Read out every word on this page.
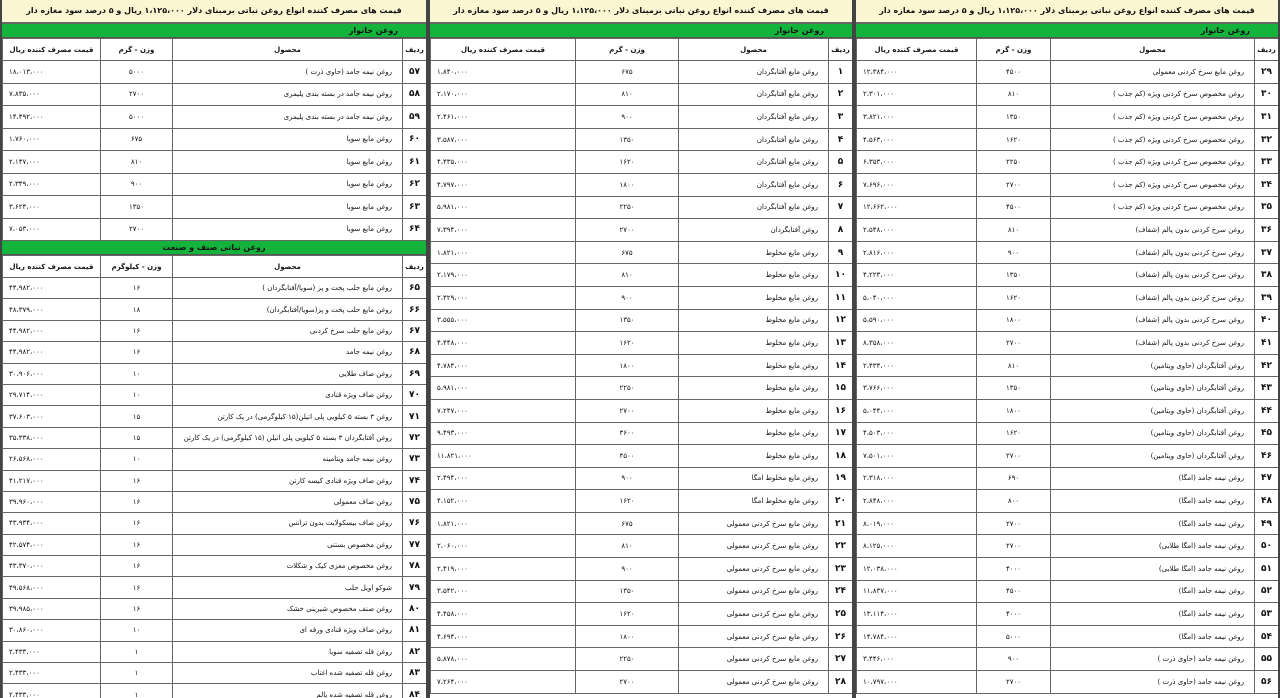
قیمت های مصرف کننده انواع روغن نباتی برمبنای دلار ۱،۱۲۵،۰۰۰ ریال و ۵ درصد سود مغازه دار
روغن خانوار
ردیف	محصول	وزن - گرم	قیمت مصرف کننده ریال
۵۷	روغن نیمه جامد (حاوی ذرت )	۵۰۰۰	۱۸،۰۱۳،۰۰۰
۵۸	روغن نیمه جامد در بسته بندی پلیمری	۲۷۰۰	۷،۸۳۵،۰۰۰
۵۹	روغن نیمه جامد در بسته بندی پلیمری	۵۰۰۰	۱۴،۴۹۲،۰۰۰
۶۰	روغن مایع سویا	۶۷۵	۱،۷۶۰،۰۰۰
۶۱	روغن مایع سویا	۸۱۰	۲،۱۴۷،۰۰۰
۶۲	روغن مایع سویا	۹۰۰	۲،۳۴۹،۰۰۰
۶۳	روغن مایع سویا	۱۳۵۰	۳،۶۲۴،۰۰۰
۶۴	روغن مایع سویا	۲۷۰۰	۷،۰۵۳،۰۰۰
روغن نباتی صنف و صنعت
ردیف	محصول	وزن - کیلوگرم	قیمت مصرف کننده ریال
۶۵	روغن مایع حلب پخت و پز (سویا/آفتابگردان )	۱۶	۴۴،۹۸۲،۰۰۰
۶۶	روغن مایع حلب پخت و پز(سویا/آفتابگردان)	۱۸	۴۸،۳۷۹،۰۰۰
۶۷	روغن مایع حلب سرخ کردنی	۱۶	۴۴،۹۸۲،۰۰۰
۶۸	روغن نیمه جامد	۱۶	۴۴،۹۸۲،۰۰۰
۶۹	روغن صاف طلایی	۱۰	۳۰،۹۰۶،۰۰۰
۷۰	روغن صاف ویژه قنادی	۱۰	۲۹،۷۱۴،۰۰۰
۷۱	روغن ۳ بسته ۵ کیلویی پلی اتیلن(۱۵ کیلوگرمی) در یک کارتن	۱۵	۳۷،۶۰۳،۰۰۰
۷۲	روغن آفتابگردان ۳ بسته ۵ کیلویی پلی اتیلن (۱۵ کیلوگرمی) در یک کارتن	۱۵	۳۵،۳۳۸،۰۰۰
۷۳	روغن نیمه جامد ویتامینه	۱۰	۲۶،۵۶۸،۰۰۰
۷۴	روغن صاف ویژه قنادی کیسه کارتن	۱۶	۴۱،۲۱۷،۰۰۰
۷۵	روغن صاف معمولی	۱۶	۳۹،۹۶۰،۰۰۰
۷۶	روغن صاف بیسکولایت بدون ترانس	۱۶	۴۳،۹۳۴،۰۰۰
۷۷	روغن مخصوص بستنی	۱۶	۴۲،۵۷۴،۰۰۰
۷۸	روغن مخصوص مغزی کیک و شکلات	۱۶	۴۳،۳۷۰،۰۰۰
۷۹	شوکو اویل حلب	۱۶	۴۹،۵۶۸،۰۰۰
۸۰	روغن صنف مخصوص شیرینی خشک	۱۶	۳۹،۹۸۵،۰۰۰
۸۱	روغن صاف ویژه قنادی ورقه ای	۱۰	۳۰،۸۶۰،۰۰۰
۸۲	روغن قله تصفیه سویا	۱	۲،۴۳۳،۰۰۰
۸۳	روغن قله تصفیه شده اغتاب	۱	۲،۴۳۳،۰۰۰
۸۴	روغن قله تصفیه شده پالم	۱	۲،۴۳۳،۰۰۰
قیمت های مصرف کننده انواع روغن نباتی برمبنای دلار ۱،۱۲۵،۰۰۰ ریال و ۵ درصد سود مغازه دار
روغن خانوار
ردیف	محصول	وزن - گرم	قیمت مصرف کننده ریال
۱	روغن مایع آفتابگردان	۶۷۵	۱،۸۴۰،۰۰۰
۲	روغن مایع آفتابگردان	۸۱۰	۲،۱۷۰،۰۰۰
۳	روغن مایع آفتابگردان	۹۰۰	۲،۴۶۱،۰۰۰
۴	روغن مایع آفتابگردان	۱۳۵۰	۳،۵۸۷،۰۰۰
۵	روغن مایع آفتابگردان	۱۶۲۰	۴،۴۳۵،۰۰۰
۶	روغن مایع آفتابگردان	۱۸۰۰	۴،۷۹۷،۰۰۰
۷	روغن مایع آفتابگردان	۲۲۵۰	۵،۹۸۱،۰۰۰
۸	روغن آفتابگردان	۲۷۰۰	۷،۳۹۴،۰۰۰
۹	روغن مایع مخلوط	۶۷۵	۱،۸۲۱،۰۰۰
۱۰	روغن مایع مخلوط	۸۱۰	۲،۱۷۹،۰۰۰
۱۱	روغن مایع مخلوط	۹۰۰	۲،۴۲۹،۰۰۰
۱۲	روغن مایع مخلوط	۱۳۵۰	۳،۵۵۵،۰۰۰
۱۳	روغن مایع مخلوط	۱۶۲۰	۴،۴۴۸،۰۰۰
۱۴	روغن مایع مخلوط	۱۸۰۰	۴،۷۸۴،۰۰۰
۱۵	روغن مایع مخلوط	۲۲۵۰	۵،۹۸۱،۰۰۰
۱۶	روغن مایع مخلوط	۲۷۰۰	۷،۲۴۷،۰۰۰
۱۷	روغن مایع مخلوط	۳۶۰۰	۹،۴۹۳،۰۰۰
۱۸	روغن مایع مخلوط	۴۵۰۰	۱۱،۸۲۱،۰۰۰
۱۹	روغن مایع مخلوط امگا	۹۰۰	۲،۴۹۴،۰۰۰
۲۰	روغن مایع مخلوط امگا	۱۶۲۰	۴،۱۵۲،۰۰۰
۲۱	روغن مایع سرخ کردنی معمولی	۶۷۵	۱،۸۲۱،۰۰۰
۲۲	روغن مایع سرخ کردنی معمولی	۸۱۰	۲،۰۶۰،۰۰۰
۲۳	روغن مایع سرخ کردنی معمولی	۹۰۰	۲،۴۱۹،۰۰۰
۲۴	روغن مایع سرخ کردنی معمولی	۱۳۵۰	۳،۵۴۲،۰۰۰
۲۵	روغن مایع سرخ کردنی معمولی	۱۶۲۰	۴،۴۵۸،۰۰۰
۲۶	روغن مایع سرخ کردنی معمولی	۱۸۰۰	۴،۶۹۴،۰۰۰
۲۷	روغن مایع سرخ کردنی معمولی	۲۲۵۰	۵،۸۷۸،۰۰۰
۲۸	روغن مایع سرخ کردنی معمولی	۲۷۰۰	۷،۲۶۴،۰۰۰
قیمت های مصرف کننده انواع روغن نباتی برمبنای دلار ۱،۱۲۵،۰۰۰ ریال و ۵ درصد سود مغازه دار
روغن خانوار
ردیف	محصول	وزن - گرم	قیمت مصرف کننده ریال
۲۹	روغن مایع سرخ کردنی معمولی	۴۵۰۰	۱۲،۳۸۴،۰۰۰
۳۰	روغن مخصوص سرخ کردنی ویژه (کم جذب )	۸۱۰	۲،۳۰۱،۰۰۰
۳۱	روغن مخصوص سرخ کردنی ویژه (کم جذب )	۱۳۵۰	۳،۸۲۱،۰۰۰
۳۲	روغن مخصوص سرخ کردنی ویژه (کم جذب )	۱۶۲۰	۴،۵۶۳،۰۰۰
۳۳	روغن مخصوص سرخ کردنی ویژه (کم جذب )	۲۲۵۰	۶،۳۵۳،۰۰۰
۳۴	روغن مخصوص سرخ کردنی ویژه (کم جذب )	۲۷۰۰	۷،۶۹۶،۰۰۰
۳۵	روغن مخصوص سرخ کردنی ویژه (کم جذب )	۴۵۰۰	۱۲،۶۶۲،۰۰۰
۳۶	روغن سرخ کردنی بدون پالم (شفاف)	۸۱۰	۲،۵۴۸،۰۰۰
۳۷	روغن سرخ کردنی بدون پالم (شفاف)	۹۰۰	۲،۸۱۶،۰۰۰
۳۸	روغن سرخ کردنی بدون پالم (شفاف)	۱۳۵۰	۴،۲۲۳،۰۰۰
۳۹	روغن سرخ کردنی بدون پالم (شفاف)	۱۶۲۰	۵،۰۴۰،۰۰۰
۴۰	روغن سرخ کردنی بدون پالم (شفاف)	۱۸۰۰	۵،۵۹۰،۰۰۰
۴۱	روغن سرخ کردنی بدون پالم (شفاف)	۲۷۰۰	۸،۳۵۸،۰۰۰
۴۲	روغن آفتابگردان (حاوی ویتامین)	۸۱۰	۲،۴۳۳،۰۰۰
۴۳	روغن آفتابگردان (حاوی ویتامین)	۱۳۵۰	۳،۷۶۶،۰۰۰
۴۴	روغن آفتابگردان (حاوی ویتامین)	۱۸۰۰	۵،۰۴۴،۰۰۰
۴۵	روغن آفتابگردان (حاوی ویتامین)	۱۶۲۰	۴،۵۰۳،۰۰۰
۴۶	روغن آفتابگردان (حاوی ویتامین)	۲۷۰۰	۷،۵۰۱،۰۰۰
۴۷	روغن نیمه جامد (امگا)	۶۹۰	۲،۳۱۸،۰۰۰
۴۸	روغن نیمه جامد (امگا)	۸۰۰	۲،۸۴۸،۰۰۰
۴۹	روغن نیمه جامد (امگا)	۲۷۰۰	۸،۰۱۹،۰۰۰
۵۰	روغن نیمه جامد (امگا طلایی)	۲۷۰۰	۸،۱۲۵،۰۰۰
۵۱	روغن نیمه جامد (امگا طلایی)	۴۰۰۰	۱۲،۰۳۸،۰۰۰
۵۲	روغن نیمه جامد (امگا)	۴۵۰۰	۱۱،۸۳۷،۰۰۰
۵۳	روغن نیمه جامد (امگا)	۴۰۰۰	۱۳،۱۱۴،۰۰۰
۵۴	روغن نیمه جامد (امگا)	۵۰۰۰	۱۴،۷۸۴،۰۰۰
۵۵	روغن نیمه جامد (حاوی ذرت )	۹۰۰	۳،۴۴۶،۰۰۰
۵۶	روغن نیمه جامد (حاوی ذرت )	۲۷۰۰	۱۰،۷۹۷،۰۰۰
